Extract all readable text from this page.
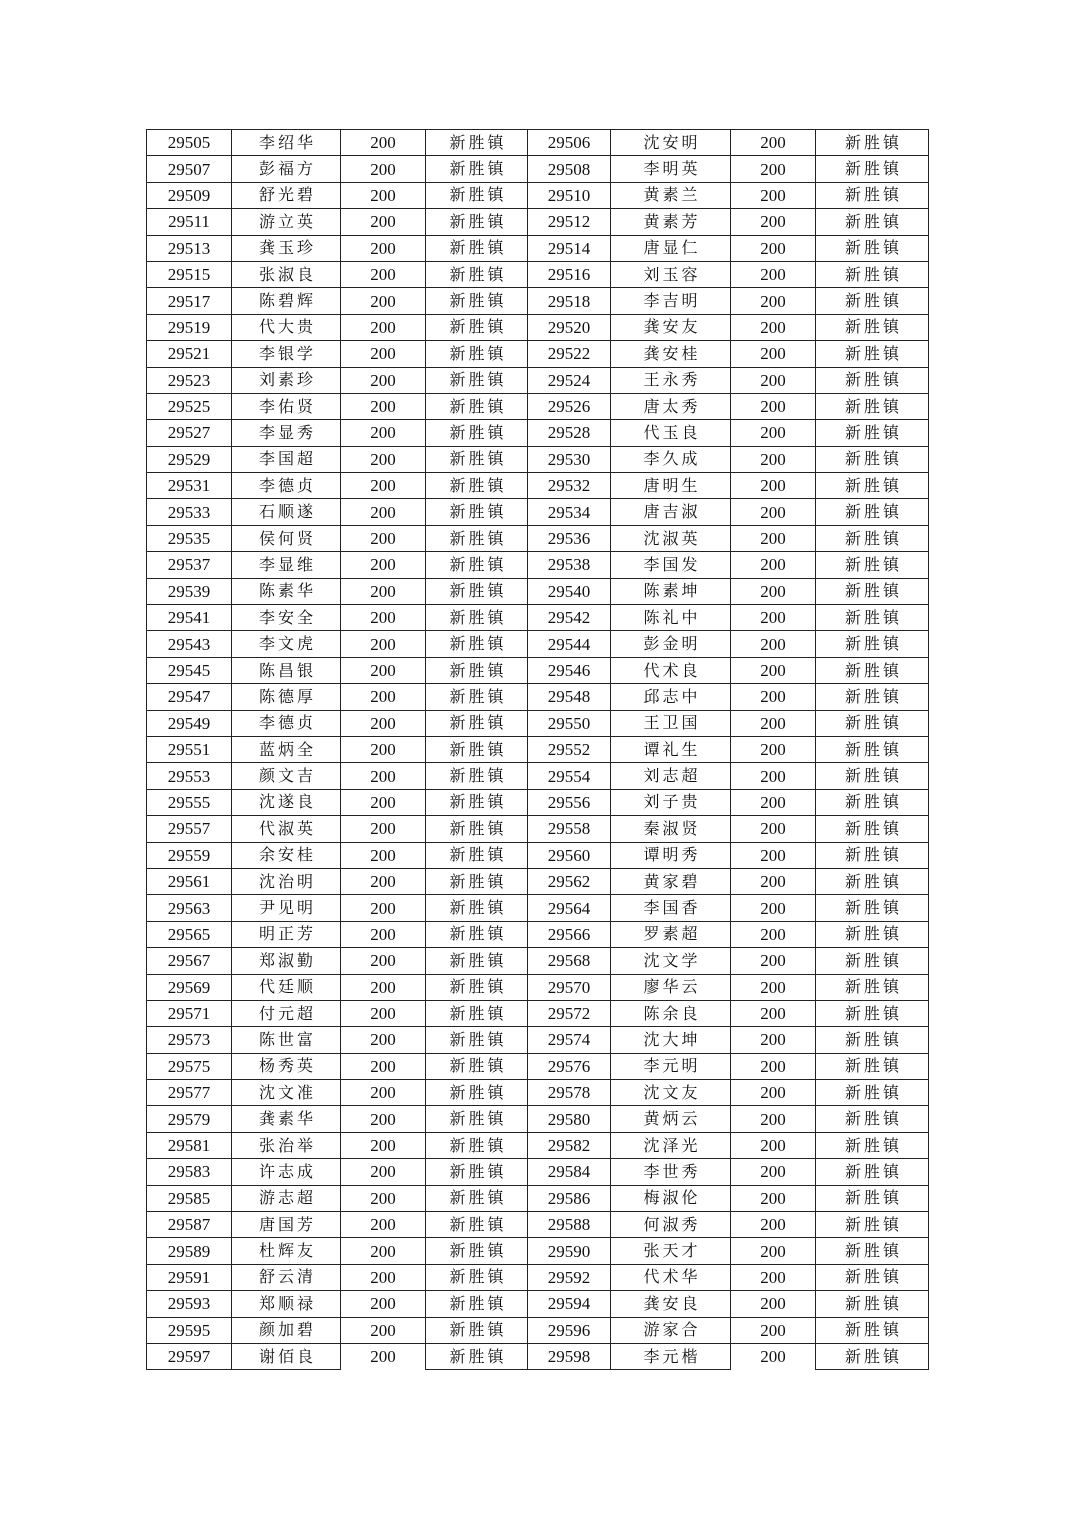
29505	李绍华	200	新胜镇	29506	沈安明	200	新胜镇
29507	彭福方	200	新胜镇	29508	李明英	200	新胜镇
29509	舒光碧	200	新胜镇	29510	黄素兰	200	新胜镇
29511	游立英	200	新胜镇	29512	黄素芳	200	新胜镇
29513	龚玉珍	200	新胜镇	29514	唐显仁	200	新胜镇
29515	张淑良	200	新胜镇	29516	刘玉容	200	新胜镇
29517	陈碧辉	200	新胜镇	29518	李吉明	200	新胜镇
29519	代大贵	200	新胜镇	29520	龚安友	200	新胜镇
29521	李银学	200	新胜镇	29522	龚安桂	200	新胜镇
29523	刘素珍	200	新胜镇	29524	王永秀	200	新胜镇
29525	李佑贤	200	新胜镇	29526	唐太秀	200	新胜镇
29527	李显秀	200	新胜镇	29528	代玉良	200	新胜镇
29529	李国超	200	新胜镇	29530	李久成	200	新胜镇
29531	李德贞	200	新胜镇	29532	唐明生	200	新胜镇
29533	石顺遂	200	新胜镇	29534	唐吉淑	200	新胜镇
29535	侯何贤	200	新胜镇	29536	沈淑英	200	新胜镇
29537	李显维	200	新胜镇	29538	李国发	200	新胜镇
29539	陈素华	200	新胜镇	29540	陈素坤	200	新胜镇
29541	李安全	200	新胜镇	29542	陈礼中	200	新胜镇
29543	李文虎	200	新胜镇	29544	彭金明	200	新胜镇
29545	陈昌银	200	新胜镇	29546	代术良	200	新胜镇
29547	陈德厚	200	新胜镇	29548	邱志中	200	新胜镇
29549	李德贞	200	新胜镇	29550	王卫国	200	新胜镇
29551	蓝炳全	200	新胜镇	29552	谭礼生	200	新胜镇
29553	颜文吉	200	新胜镇	29554	刘志超	200	新胜镇
29555	沈遂良	200	新胜镇	29556	刘子贵	200	新胜镇
29557	代淑英	200	新胜镇	29558	秦淑贤	200	新胜镇
29559	余安桂	200	新胜镇	29560	谭明秀	200	新胜镇
29561	沈治明	200	新胜镇	29562	黄家碧	200	新胜镇
29563	尹见明	200	新胜镇	29564	李国香	200	新胜镇
29565	明正芳	200	新胜镇	29566	罗素超	200	新胜镇
29567	郑淑勤	200	新胜镇	29568	沈文学	200	新胜镇
29569	代廷顺	200	新胜镇	29570	廖华云	200	新胜镇
29571	付元超	200	新胜镇	29572	陈余良	200	新胜镇
29573	陈世富	200	新胜镇	29574	沈大坤	200	新胜镇
29575	杨秀英	200	新胜镇	29576	李元明	200	新胜镇
29577	沈文准	200	新胜镇	29578	沈文友	200	新胜镇
29579	龚素华	200	新胜镇	29580	黄炳云	200	新胜镇
29581	张治举	200	新胜镇	29582	沈泽光	200	新胜镇
29583	许志成	200	新胜镇	29584	李世秀	200	新胜镇
29585	游志超	200	新胜镇	29586	梅淑伦	200	新胜镇
29587	唐国芳	200	新胜镇	29588	何淑秀	200	新胜镇
29589	杜辉友	200	新胜镇	29590	张天才	200	新胜镇
29591	舒云清	200	新胜镇	29592	代术华	200	新胜镇
29593	郑顺禄	200	新胜镇	29594	龚安良	200	新胜镇
29595	颜加碧	200	新胜镇	29596	游家合	200	新胜镇
29597	谢佰良	200	新胜镇	29598	李元楷	200	新胜镇
